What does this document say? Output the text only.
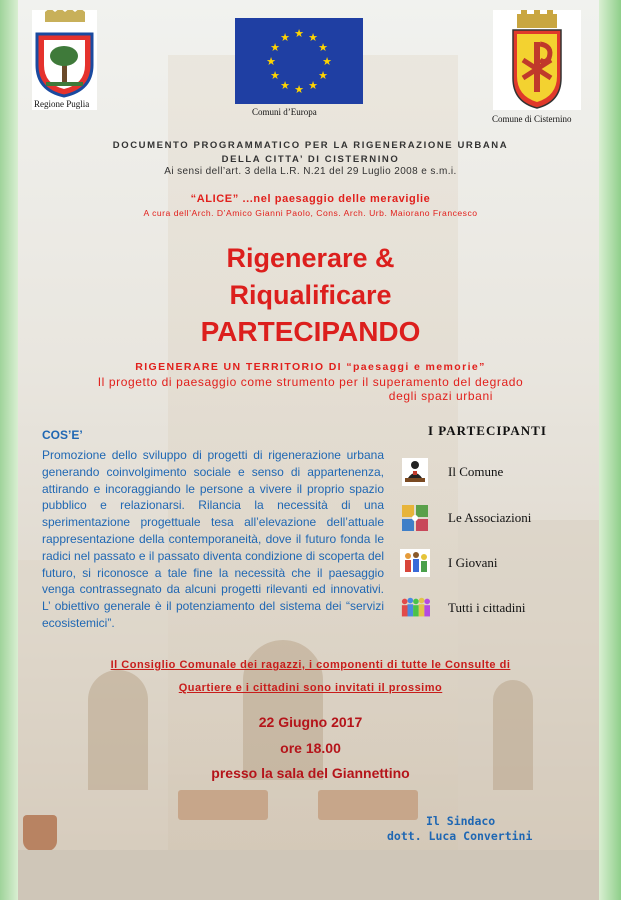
Regione Puglia
★ ★
★
★
★
★
★
★
★
★
★
★
Comuni d’Europa
Comune di Cisternino
DOCUMENTO PROGRAMMATICO PER LA RIGENERAZIONE URBANA
DELLA CITTA’ DI CISTERNINO
Ai sensi dell’art. 3 della L.R. N.21 del 29 Luglio 2008 e s.m.i.
“ALICE” ...nel paesaggio delle meraviglie
A cura dell’Arch. D’Amico Gianni Paolo, Cons. Arch. Urb. Maiorano Francesco
Rigenerare &
Riqualificare
PARTECIPANDO
RIGENERARE UN TERRITORIO DI “paesaggi e memorie”
Il progetto di paesaggio come strumento per il superamento del degrado
degli spazi urbani
COS’E’
Promozione dello sviluppo di progetti di rigenerazione urbana generando coinvolgimento sociale e senso di appartenenza, attirando e incoraggiando le persone a vivere il proprio spazio pubblico e relazionarsi. Rilancia la necessità di una sperimentazione progettuale tesa all’elevazione dell’attuale rappresentazione della contemporaneità, dove il futuro fonda le radici nel passato e il passato diventa condizione di scoperta del futuro, si riconosce a tale fine la necessità che il paesaggio venga contrassegnato da alcuni progetti rilevanti ed innovativi. L’ obiettivo generale è il potenziamento del sistema dei “servizi ecosistemici”.
I PARTECIPANTI
Il Comune
Le Associazioni
I Giovani
Tutti i cittadini
Il Consiglio Comunale dei ragazzi, i componenti di tutte le Consulte di
Quartiere e i cittadini sono invitati il prossimo
22 Giugno 2017
ore 18.00
presso la sala del Giannettino
Il Sindaco
dott. Luca Convertini
